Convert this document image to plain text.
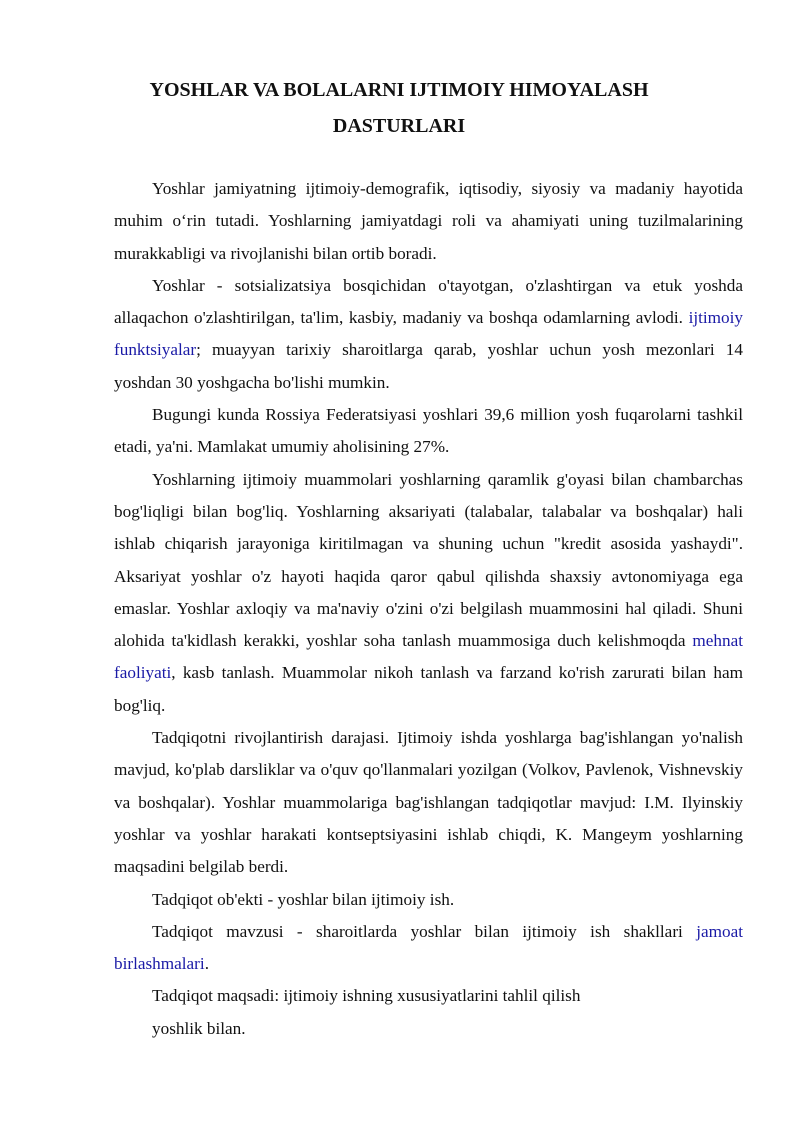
YOSHLAR VA BOLALARNI IJTIMOIY HIMOYALASH
DASTURLARI

Yoshlar jamiyatning ijtimoiy-demografik, iqtisodiy, siyosiy va madaniy hayotida muhim o‘rin tutadi. Yoshlarning jamiyatdagi roli va ahamiyati uning tuzilmalarining murakkabligi va rivojlanishi bilan ortib boradi.

Yoshlar - sotsializatsiya bosqichidan o'tayotgan, o'zlashtirgan va etuk yoshda allaqachon o'zlashtirilgan, ta'lim, kasbiy, madaniy va boshqa odamlarning avlodi. ijtimoiy funktsiyalar; muayyan tarixiy sharoitlarga qarab, yoshlar uchun yosh mezonlari 14 yoshdan 30 yoshgacha bo'lishi mumkin.

Bugungi kunda Rossiya Federatsiyasi yoshlari 39,6 million yosh fuqarolarni tashkil etadi, ya'ni. Mamlakat umumiy aholisining 27%.

Yoshlarning ijtimoiy muammolari yoshlarning qaramlik g'oyasi bilan chambarchas bog'liqligi bilan bog'liq. Yoshlarning aksariyati (talabalar, talabalar va boshqalar) hali ishlab chiqarish jarayoniga kiritilmagan va shuning uchun "kredit asosida yashaydi". Aksariyat yoshlar o'z hayoti haqida qaror qabul qilishda shaxsiy avtonomiyaga ega emaslar. Yoshlar axloqiy va ma'naviy o'zini o'zi belgilash muammosini hal qiladi. Shuni alohida ta'kidlash kerakki, yoshlar soha tanlash muammosiga duch kelishmoqda mehnat faoliyati, kasb tanlash. Muammolar nikoh tanlash va farzand ko'rish zarurati bilan ham bog'liq.

Tadqiqotni rivojlantirish darajasi. Ijtimoiy ishda yoshlarga bag'ishlangan yo'nalish mavjud, ko'plab darsliklar va o'quv qo'llanmalari yozilgan (Volkov, Pavlenok, Vishnevskiy va boshqalar). Yoshlar muammolariga bag'ishlangan tadqiqotlar mavjud: I.M. Ilyinskiy yoshlar va yoshlar harakati kontseptsiyasini ishlab chiqdi, K. Mangeym yoshlarning maqsadini belgilab berdi.

Tadqiqot ob'ekti - yoshlar bilan ijtimoiy ish.

Tadqiqot mavzusi - sharoitlarda yoshlar bilan ijtimoiy ish shakllari jamoat birlashmalari.

Tadqiqot maqsadi: ijtimoiy ishning xususiyatlarini tahlil qilish

yoshlik bilan.
